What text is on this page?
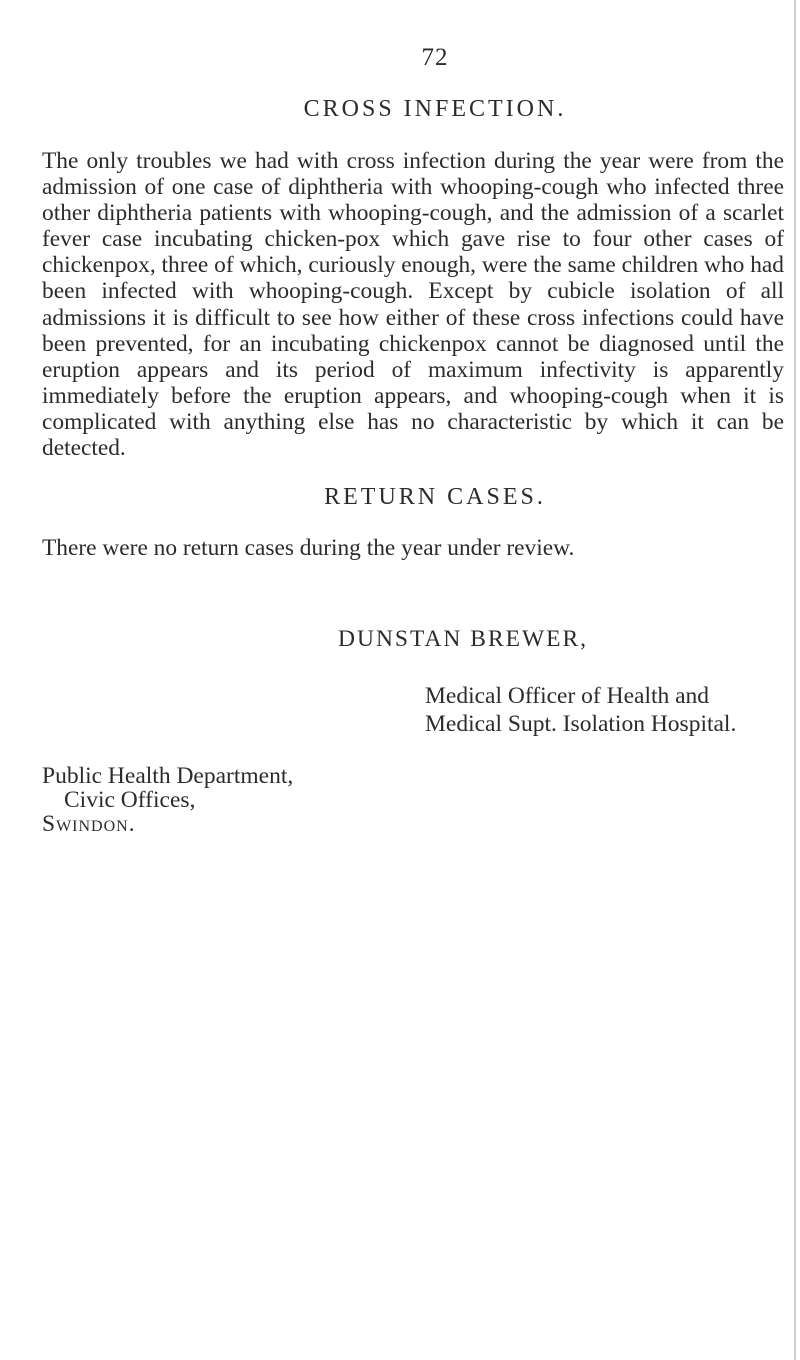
72
CROSS INFECTION.

The only troubles we had with cross infection during the year were from the admission of one case of diphtheria with whooping-cough who infected three other diphtheria patients with whooping-cough, and the admission of a scarlet fever case incubating chicken-pox which gave rise to four other cases of chickenpox, three of which, curiously enough, were the same children who had been infected with whooping-cough. Except by cubicle isolation of all admissions it is difficult to see how either of these cross infections could have been prevented, for an incubating chickenpox cannot be diagnosed until the eruption appears and its period of maximum infectivity is apparently immediately before the eruption appears, and whooping-cough when it is complicated with anything else has no characteristic by which it can be detected.

RETURN CASES.

There were no return cases during the year under review.

DUNSTAN BREWER,
Medical Officer of Health and
Medical Supt. Isolation Hospital.
Public Health Department,
Civic Offices,
Swindon.
